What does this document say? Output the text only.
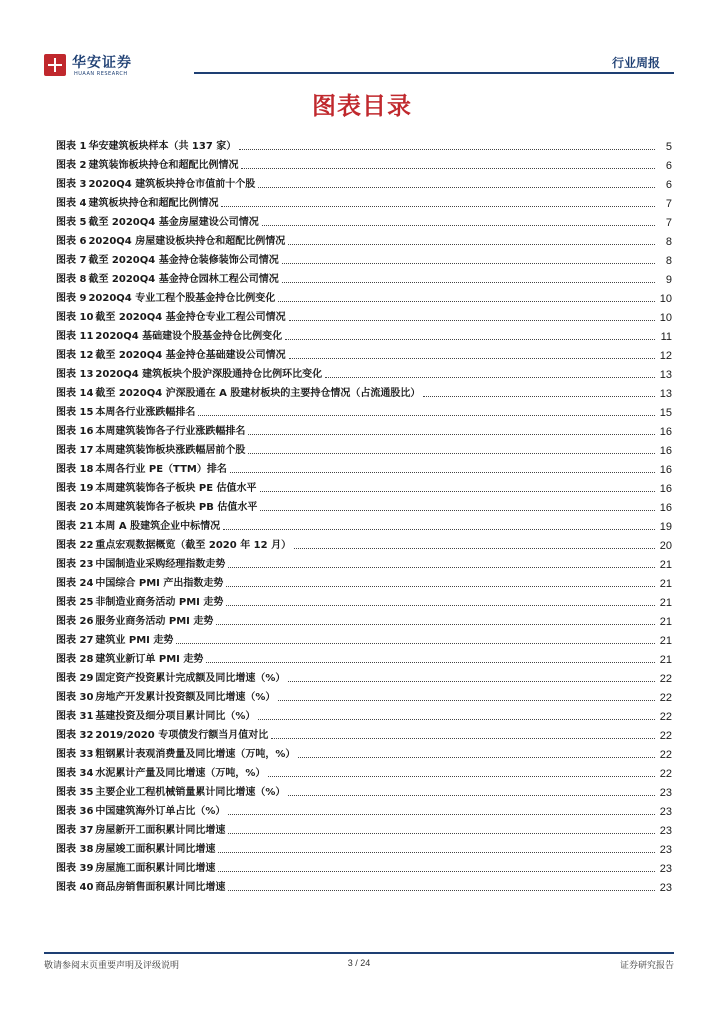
华安证券
HUAAN RESEARCH
行业周报
图表目录
图表 1 华安建筑板块样本（共 137 家）	5
图表 2 建筑装饰板块持仓和超配比例情况	6
图表 3 2020Q4 建筑板块持仓市值前十个股	6
图表 4 建筑板块持仓和超配比例情况	7
图表 5 截至 2020Q4 基金房屋建设公司情况	7
图表 6 2020Q4 房屋建设板块持仓和超配比例情况	8
图表 7 截至 2020Q4 基金持仓装修装饰公司情况	8
图表 8 截至 2020Q4 基金持仓园林工程公司情况	9
图表 9 2020Q4 专业工程个股基金持仓比例变化	10
图表 10 截至 2020Q4 基金持仓专业工程公司情况	10
图表 11 2020Q4 基础建设个股基金持仓比例变化	11
图表 12 截至 2020Q4 基金持仓基础建设公司情况	12
图表 13 2020Q4 建筑板块个股沪深股通持仓比例环比变化	13
图表 14 截至 2020Q4 沪深股通在 A 股建材板块的主要持仓情况（占流通股比）	13
图表 15 本周各行业涨跌幅排名	15
图表 16 本周建筑装饰各子行业涨跌幅排名	16
图表 17 本周建筑装饰板块涨跌幅居前个股	16
图表 18 本周各行业 PE（TTM）排名	16
图表 19 本周建筑装饰各子板块 PE 估值水平	16
图表 20 本周建筑装饰各子板块 PB 估值水平	16
图表 21 本周 A 股建筑企业中标情况	19
图表 22 重点宏观数据概览（截至 2020 年 12 月）	20
图表 23 中国制造业采购经理指数走势	21
图表 24 中国综合 PMI 产出指数走势	21
图表 25 非制造业商务活动 PMI 走势	21
图表 26 服务业商务活动 PMI 走势	21
图表 27 建筑业 PMI 走势	21
图表 28 建筑业新订单 PMI 走势	21
图表 29 固定资产投资累计完成额及同比增速（%）	22
图表 30 房地产开发累计投资额及同比增速（%）	22
图表 31 基建投资及细分项目累计同比（%）	22
图表 32 2019/2020 专项债发行额当月值对比	22
图表 33 粗钢累计表观消费量及同比增速（万吨，%）	22
图表 34 水泥累计产量及同比增速（万吨，%）	22
图表 35 主要企业工程机械销量累计同比增速（%）	23
图表 36 中国建筑海外订单占比（%）	23
图表 37 房屋新开工面积累计同比增速	23
图表 38 房屋竣工面积累计同比增速	23
图表 39 房屋施工面积累计同比增速	23
图表 40 商品房销售面积累计同比增速	23
敬请参阅末页重要声明及评级说明	3 / 24	证券研究报告
